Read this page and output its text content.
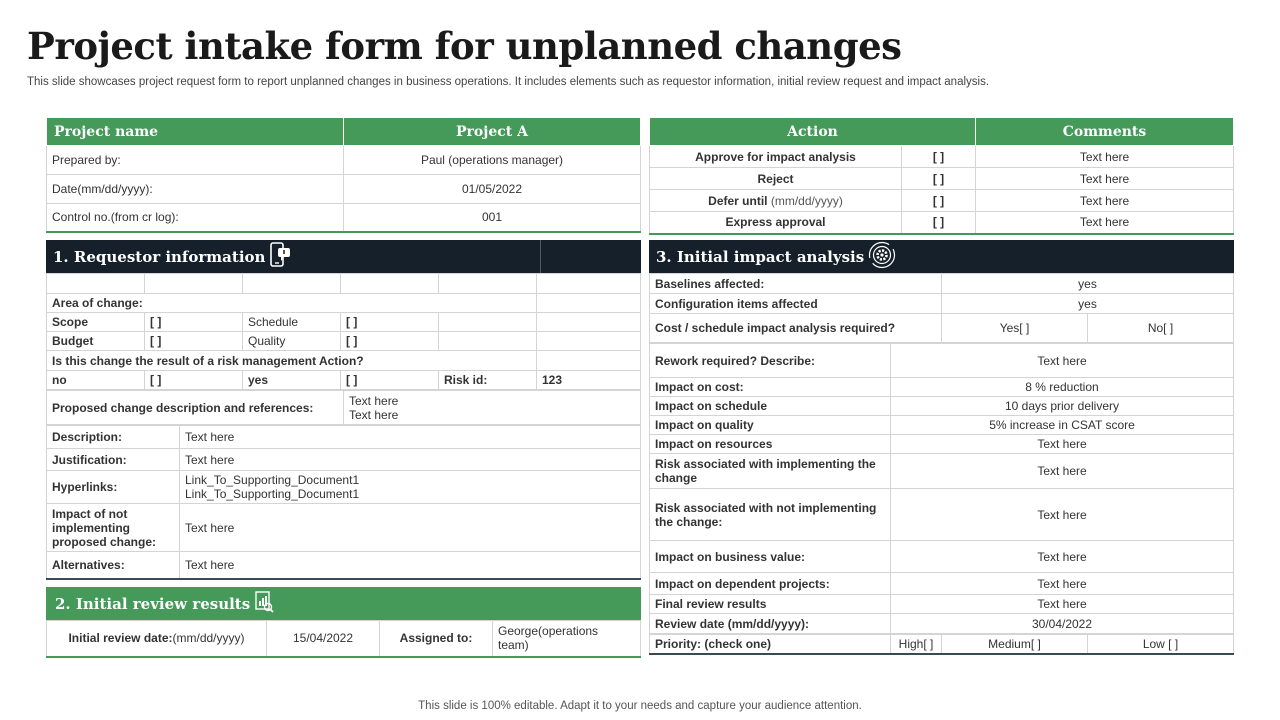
Project intake form for unplanned changes
This slide showcases project request form to report unplanned changes in business operations. It includes elements such as requestor information, initial review request and impact analysis.
Project name	Project A
Prepared by:	Paul (operations manager)
Date(mm/dd/yyyy):	01/05/2022
Control no.(from cr log):	001
Action		Comments
Approve for impact analysis	[ ]	Text here
Reject	[ ]	Text here
Defer until (mm/dd/yyyy)	[ ]	Text here
Express approval	[ ]	Text here
1. Requestor information

Area of change:					
Scope	[ ]	Schedule	[ ]		
Budget	[ ]	Quality	[ ]		
Is this change the result of a risk management Action?					
no	[ ]	yes	[ ]	Risk id:	123
Proposed change description and references:	Text here
Text here
Description:	Text here
Justification:	Text here
Hyperlinks:	Link_To_Supporting_Document1
Link_To_Supporting_Document1

Impact of not
implementing
proposed change:	Text here
Alternatives:	Text here
2. Initial review results
Initial review date:(mm/dd/yyyy)	15/04/2022	Assigned to:	George(operations
team)
3. Initial impact analysis
Baselines affected:	yes	
Configuration items affected	yes	
Cost / schedule impact analysis required?	Yes[ ]	No[ ]
Rework required? Describe:	Text here
Impact on cost:	8 % reduction
Impact on schedule	10 days prior delivery
Impact on quality	5% increase in CSAT score
Impact on resources	Text here
Risk associated with implementing the change	Text here
Risk associated with not implementing the change:	Text here
Impact on business value:	Text here
Impact on dependent projects:	Text here
Final review results	Text here
Review date (mm/dd/yyyy):	30/04/2022
Priority: (check one)	High[ ]	Medium[ ]	Low [ ]
This slide is 100% editable. Adapt it to your needs and capture your audience attention.
